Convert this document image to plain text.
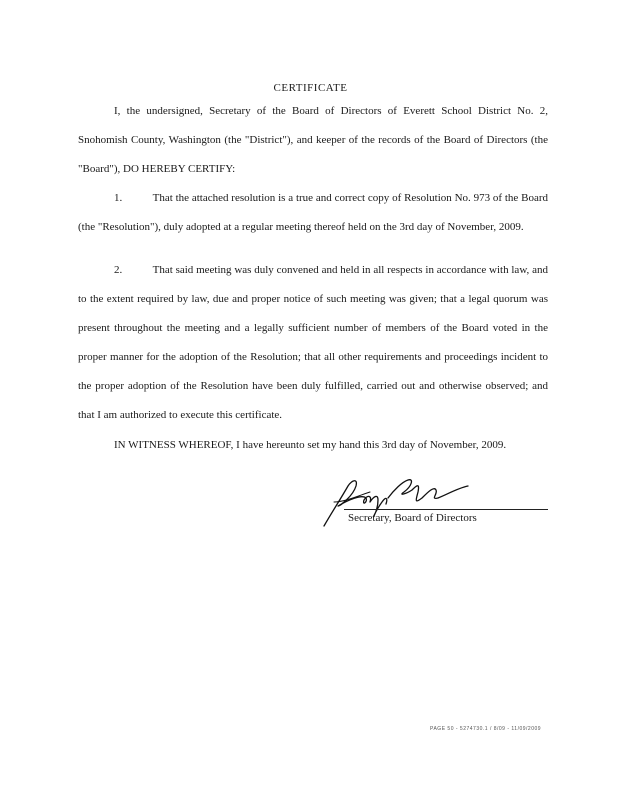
CERTIFICATE
I, the undersigned, Secretary of the Board of Directors of Everett School District No. 2, Snohomish County, Washington (the "District"), and keeper of the records of the Board of Directors (the "Board"), DO HEREBY CERTIFY:
1.	That the attached resolution is a true and correct copy of Resolution No. 973 of the Board (the "Resolution"), duly adopted at a regular meeting thereof held on the 3rd day of November, 2009.
2.	That said meeting was duly convened and held in all respects in accordance with law, and to the extent required by law, due and proper notice of such meeting was given; that a legal quorum was present throughout the meeting and a legally sufficient number of members of the Board voted in the proper manner for the adoption of the Resolution; that all other requirements and proceedings incident to the proper adoption of the Resolution have been duly fulfilled, carried out and otherwise observed; and that I am authorized to execute this certificate.
IN WITNESS WHEREOF, I have hereunto set my hand this 3rd day of November, 2009.
Secretary, Board of Directors
PAGE 50 - 5274730.1 / 8/09 - 11/09/2009
